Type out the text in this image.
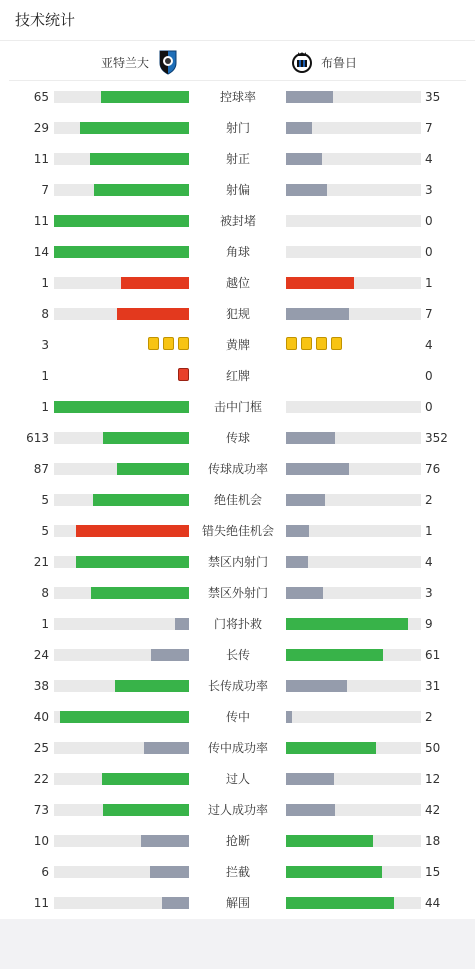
技术统计
亚特兰大	布鲁日
65	控球率	35
29	射门	7
11	射正	4
7	射偏	3
11	被封堵	0
14	角球	0
1	越位	1
8	犯规	7
3	黄牌	4
1	红牌	0
1	击中门框	0
613	传球	352
87	传球成功率	76
5	绝佳机会	2
5	错失绝佳机会	1
21	禁区内射门	4
8	禁区外射门	3
1	门将扑救	9
24	长传	61
38	长传成功率	31
40	传中	2
25	传中成功率	50
22	过人	12
73	过人成功率	42
10	抢断	18
6	拦截	15
11	解围	44
